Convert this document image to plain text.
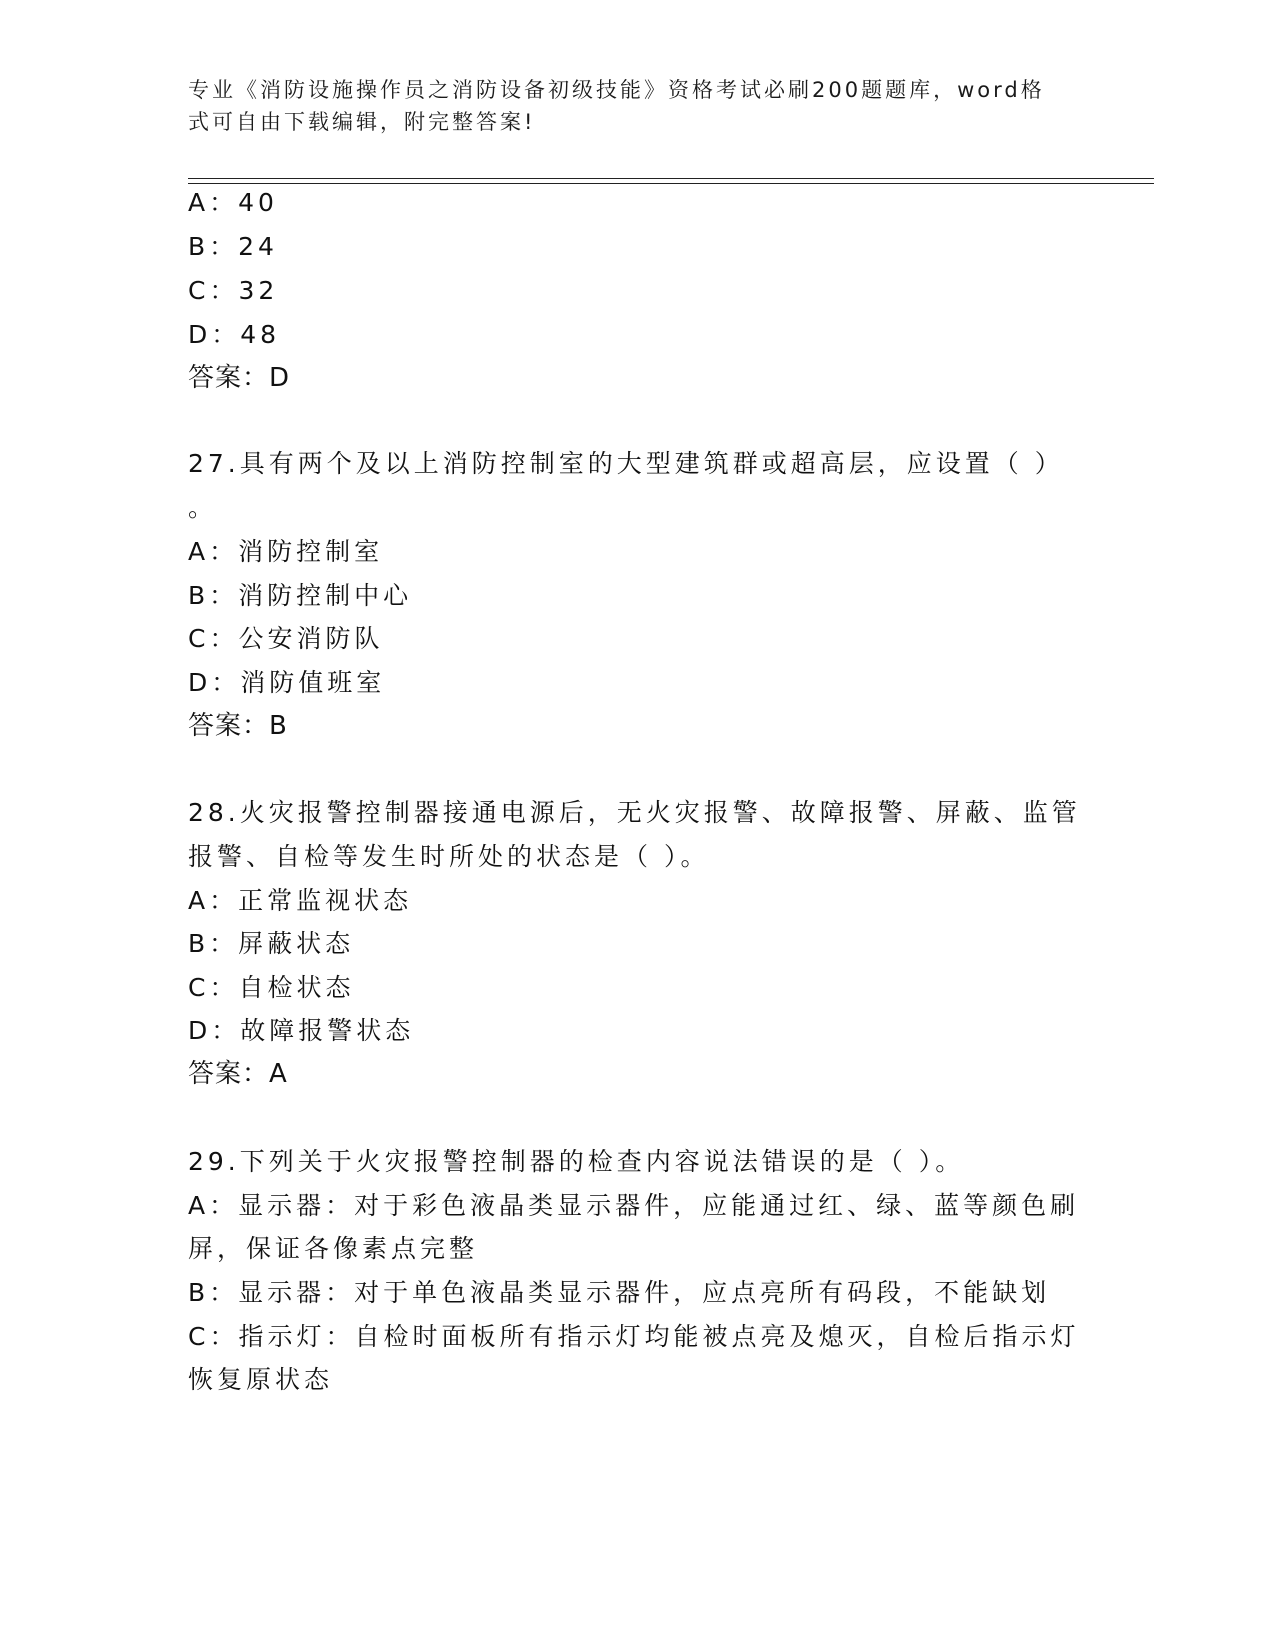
专业《消防设施操作员之消防设备初级技能》资格考试必刷200题题库，word格式可自由下载编辑，附完整答案!
A：40
B：24
C：32
D：48
答案：D
27.具有两个及以上消防控制室的大型建筑群或超高层，应设置（ ）
。
A：消防控制室
B：消防控制中心
C：公安消防队
D：消防值班室
答案：B
28.火灾报警控制器接通电源后，无火灾报警、故障报警、屏蔽、监管
报警、自检等发生时所处的状态是（ ）。
A：正常监视状态
B：屏蔽状态
C：自检状态
D：故障报警状态
答案：A
29.下列关于火灾报警控制器的检查内容说法错误的是（ ）。
A：显示器：对于彩色液晶类显示器件，应能通过红、绿、蓝等颜色刷
屏，保证各像素点完整
B：显示器：对于单色液晶类显示器件，应点亮所有码段，不能缺划
C：指示灯：自检时面板所有指示灯均能被点亮及熄灭，自检后指示灯
恢复原状态
